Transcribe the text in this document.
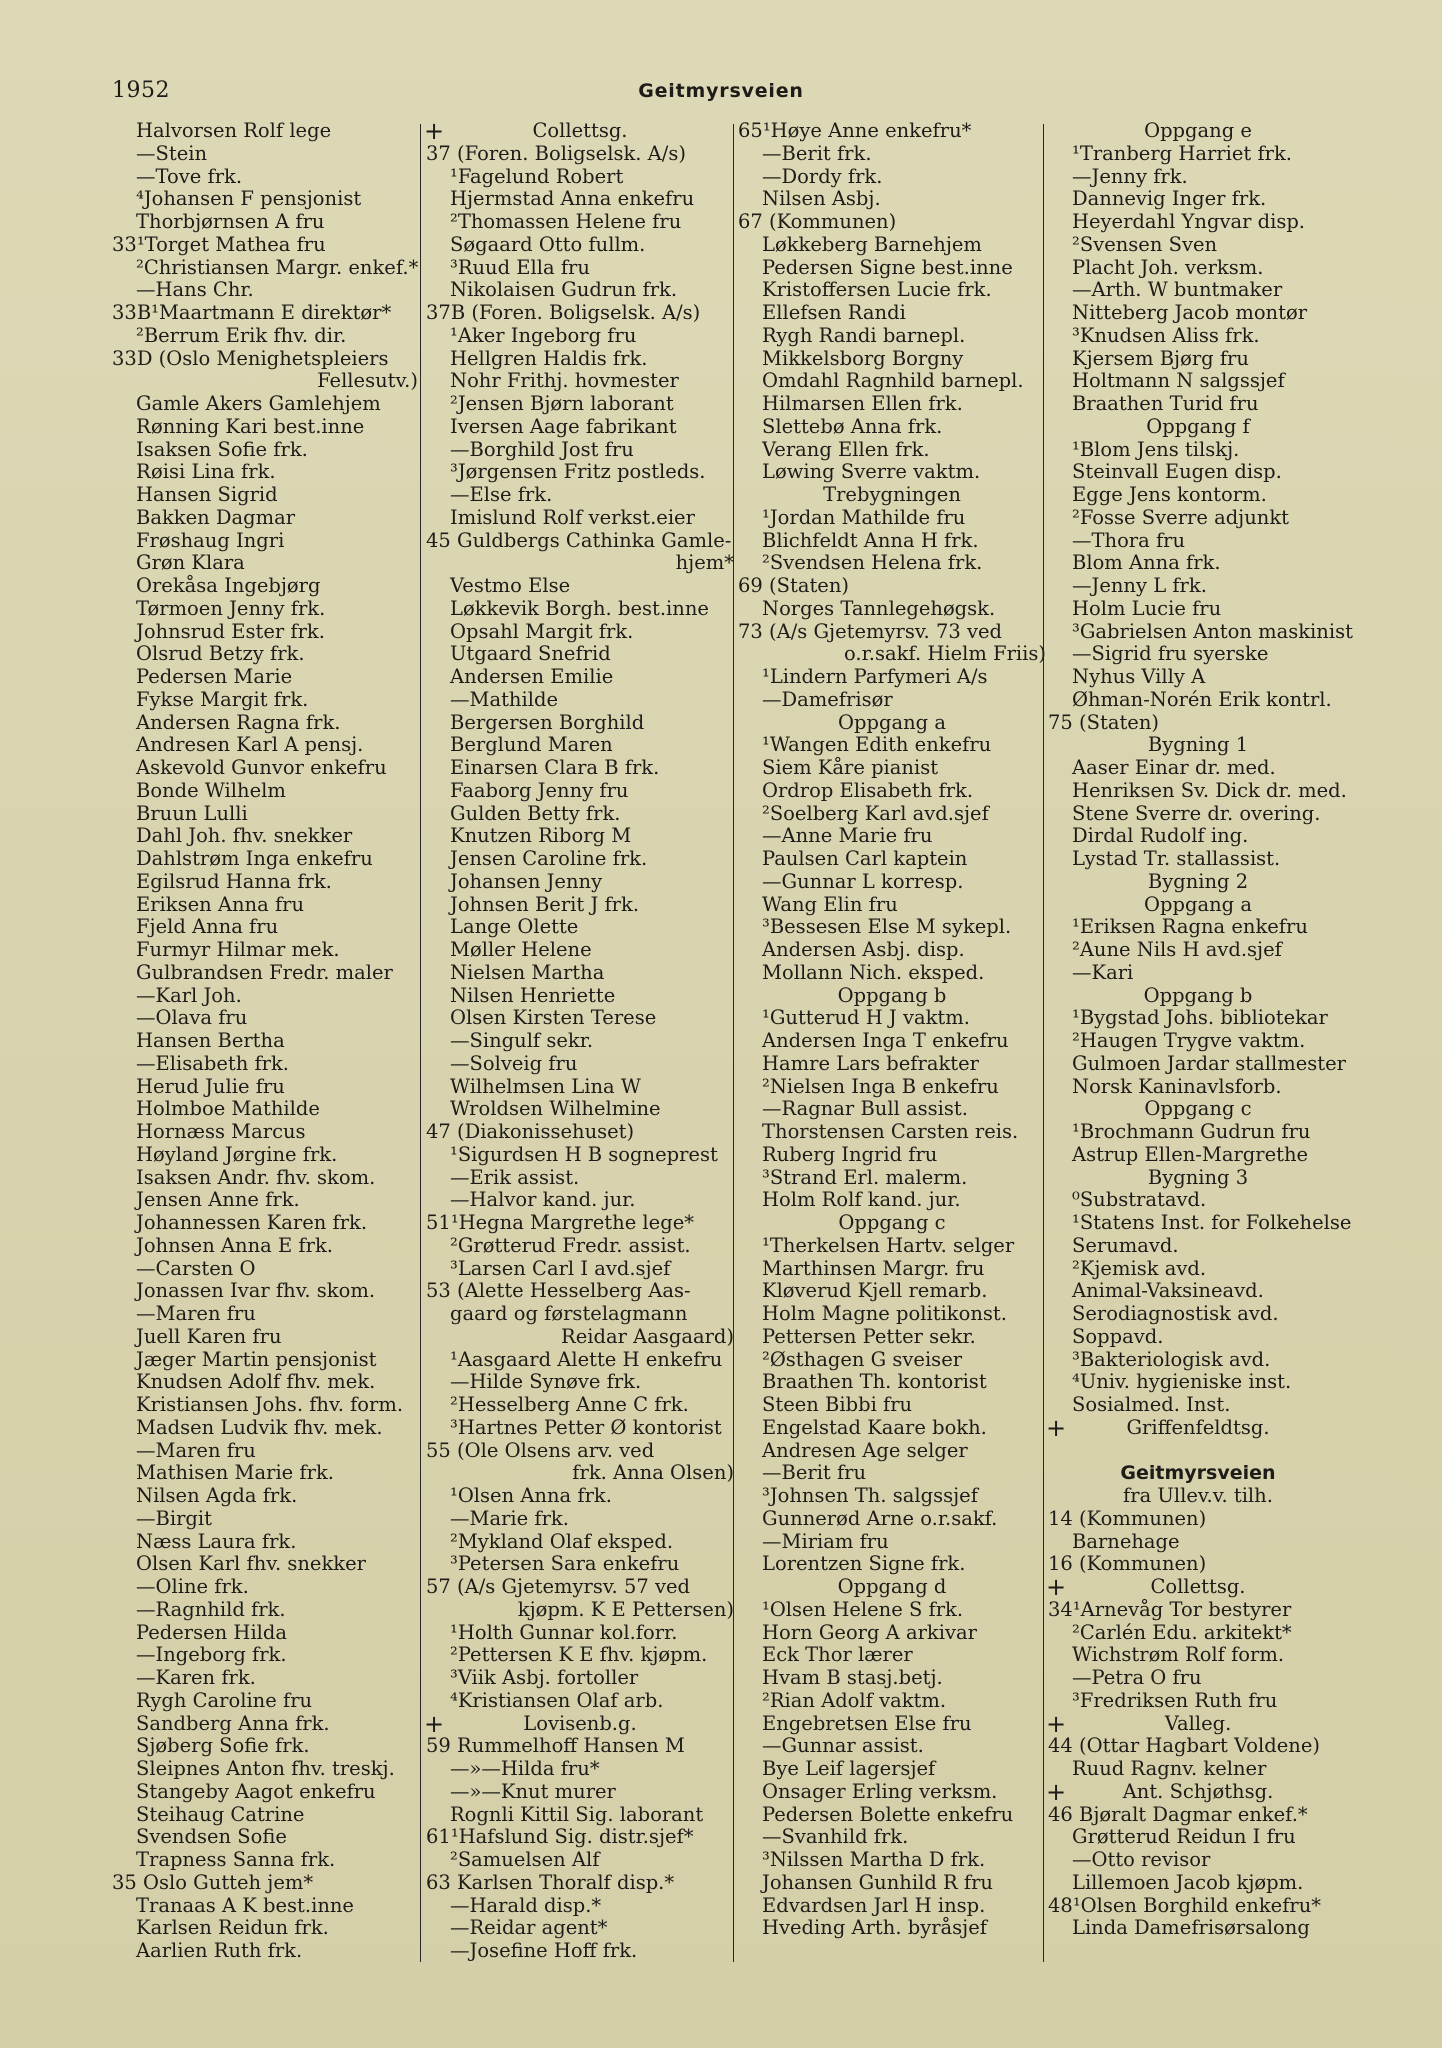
1952	Geitmyrsveien
Halvorsen Rolf lege
—Stein
—Tove frk.
⁴Johansen F pensjonist
Thorbjørnsen A fru
33¹Torget Mathea fru
²Christiansen Margr. enkef.*
—Hans Chr.
33B¹Maartmann E direktør*
²Berrum Erik fhv. dir.
33D (Oslo Menighetspleiers
Fellesutv.)
Gamle Akers Gamlehjem
Rønning Kari best.inne
Isaksen Sofie frk.
Røisi Lina frk.
Hansen Sigrid
Bakken Dagmar
Frøshaug Ingri
Grøn Klara
Orekåsa Ingebjørg
Tørmoen Jenny frk.
Johnsrud Ester frk.
Olsrud Betzy frk.
Pedersen Marie
Fykse Margit frk.
Andersen Ragna frk.
Andresen Karl A pensj.
Askevold Gunvor enkefru
Bonde Wilhelm
Bruun Lulli
Dahl Joh. fhv. snekker
Dahlstrøm Inga enkefru
Egilsrud Hanna frk.
Eriksen Anna fru
Fjeld Anna fru
Furmyr Hilmar mek.
Gulbrandsen Fredr. maler
—Karl Joh.
—Olava fru
Hansen Bertha
—Elisabeth frk.
Herud Julie fru
Holmboe Mathilde
Hornæss Marcus
Høyland Jørgine frk.
Isaksen Andr. fhv. skom.
Jensen Anne frk.
Johannessen Karen frk.
Johnsen Anna E frk.
—Carsten O
Jonassen Ivar fhv. skom.
—Maren fru
Juell Karen fru
Jæger Martin pensjonist
Knudsen Adolf fhv. mek.
Kristiansen Johs. fhv. form.
Madsen Ludvik fhv. mek.
—Maren fru
Mathisen Marie frk.
Nilsen Agda frk.
—Birgit
Næss Laura frk.
Olsen Karl fhv. snekker
—Oline frk.
—Ragnhild frk.
Pedersen Hilda
—Ingeborg frk.
—Karen frk.
Rygh Caroline fru
Sandberg Anna frk.
Sjøberg Sofie frk.
Sleipnes Anton fhv. treskj.
Stangeby Aagot enkefru
Steihaug Catrine
Svendsen Sofie
Trapness Sanna frk.
35 Oslo Gutteh jem*
Tranaas A K best.inne
Karlsen Reidun frk.
Aarlien Ruth frk.
+ Collettsg.
37 (Foren. Boligselsk. A/s)
¹Fagelund Robert
Hjermstad Anna enkefru
²Thomassen Helene fru
Søgaard Otto fullm.
³Ruud Ella fru
Nikolaisen Gudrun frk.
37B (Foren. Boligselsk. A/s)
¹Aker Ingeborg fru
Hellgren Haldis frk.
Nohr Frithj. hovmester
²Jensen Bjørn laborant
Iversen Aage fabrikant
—Borghild Jost fru
³Jørgensen Fritz postleds.
—Else frk.
Imislund Rolf verkst.eier
45 Guldbergs Cathinka Gamle-
hjem*
Vestmo Else
Løkkevik Borgh. best.inne
Opsahl Margit frk.
Utgaard Snefrid
Andersen Emilie
—Mathilde
Bergersen Borghild
Berglund Maren
Einarsen Clara B frk.
Faaborg Jenny fru
Gulden Betty frk.
Knutzen Riborg M
Jensen Caroline frk.
Johansen Jenny
Johnsen Berit J frk.
Lange Olette
Møller Helene
Nielsen Martha
Nilsen Henriette
Olsen Kirsten Terese
—Singulf sekr.
—Solveig fru
Wilhelmsen Lina W
Wroldsen Wilhelmine
47 (Diakonissehuset)
¹Sigurdsen H B sogneprest
—Erik assist.
—Halvor kand. jur.
51¹Hegna Margrethe lege*
²Grøtterud Fredr. assist.
³Larsen Carl I avd.sjef
53 (Alette Hesselberg Aas-
gaard og førstelagmann
Reidar Aasgaard)
¹Aasgaard Alette H enkefru
—Hilde Synøve frk.
²Hesselberg Anne C frk.
³Hartnes Petter Ø kontorist
55 (Ole Olsens arv. ved
frk. Anna Olsen)
¹Olsen Anna frk.
—Marie frk.
²Mykland Olaf eksped.
³Petersen Sara enkefru
57 (A/s Gjetemyrsv. 57 ved
kjøpm. K E Pettersen)
¹Holth Gunnar kol.forr.
²Pettersen K E fhv. kjøpm.
³Viik Asbj. fortoller
⁴Kristiansen Olaf arb.
+ Lovisenb.g.
59 Rummelhoff Hansen M
—»—Hilda fru*
—»—Knut murer
Rognli Kittil Sig. laborant
61¹Hafslund Sig. distr.sjef*
²Samuelsen Alf
63 Karlsen Thoralf disp.*
—Harald disp.*
—Reidar agent*
—Josefine Hoff frk.
65¹Høye Anne enkefru*
—Berit frk.
—Dordy frk.
Nilsen Asbj.
67 (Kommunen)
Løkkeberg Barnehjem
Pedersen Signe best.inne
Kristoffersen Lucie frk.
Ellefsen Randi
Rygh Randi barnepl.
Mikkelsborg Borgny
Omdahl Ragnhild barnepl.
Hilmarsen Ellen frk.
Slettebø Anna frk.
Verang Ellen frk.
Løwing Sverre vaktm.
Trebygningen
¹Jordan Mathilde fru
Blichfeldt Anna H frk.
²Svendsen Helena frk.
69 (Staten)
Norges Tannlegehøgsk.
73 (A/s Gjetemyrsv. 73 ved
o.r.sakf. Hielm Friis)
¹Lindern Parfymeri A/s
—Damefrisør
Oppgang a
¹Wangen Edith enkefru
Siem Kåre pianist
Ordrop Elisabeth frk.
²Soelberg Karl avd.sjef
—Anne Marie fru
Paulsen Carl kaptein
—Gunnar L korresp.
Wang Elin fru
³Bessesen Else M sykepl.
Andersen Asbj. disp.
Mollann Nich. eksped.
Oppgang b
¹Gutterud H J vaktm.
Andersen Inga T enkefru
Hamre Lars befrakter
²Nielsen Inga B enkefru
—Ragnar Bull assist.
Thorstensen Carsten reis.
Ruberg Ingrid fru
³Strand Erl. malerm.
Holm Rolf kand. jur.
Oppgang c
¹Therkelsen Hartv. selger
Marthinsen Margr. fru
Kløverud Kjell remarb.
Holm Magne politikonst.
Pettersen Petter sekr.
²Østhagen G sveiser
Braathen Th. kontorist
Steen Bibbi fru
Engelstad Kaare bokh.
Andresen Age selger
—Berit fru
³Johnsen Th. salgssjef
Gunnerød Arne o.r.sakf.
—Miriam fru
Lorentzen Signe frk.
Oppgang d
¹Olsen Helene S frk.
Horn Georg A arkivar
Eck Thor lærer
Hvam B stasj.betj.
²Rian Adolf vaktm.
Engebretsen Else fru
—Gunnar assist.
Bye Leif lagersjef
Onsager Erling verksm.
Pedersen Bolette enkefru
—Svanhild frk.
³Nilssen Martha D frk.
Johansen Gunhild R fru
Edvardsen Jarl H insp.
Hveding Arth. byråsjef
Oppgang e
¹Tranberg Harriet frk.
—Jenny frk.
Dannevig Inger frk.
Heyerdahl Yngvar disp.
²Svensen Sven
Placht Joh. verksm.
—Arth. W buntmaker
Nitteberg Jacob montør
³Knudsen Aliss frk.
Kjersem Bjørg fru
Holtmann N salgssjef
Braathen Turid fru
Oppgang f
¹Blom Jens tilskj.
Steinvall Eugen disp.
Egge Jens kontorm.
²Fosse Sverre adjunkt
—Thora fru
Blom Anna frk.
—Jenny L frk.
Holm Lucie fru
³Gabrielsen Anton maskinist
—Sigrid fru syerske
Nyhus Villy A
Øhman-Norén Erik kontrl.
75 (Staten)
Bygning 1
Aaser Einar dr. med.
Henriksen Sv. Dick dr. med.
Stene Sverre dr. overing.
Dirdal Rudolf ing.
Lystad Tr. stallassist.
Bygning 2
Oppgang a
¹Eriksen Ragna enkefru
²Aune Nils H avd.sjef
—Kari
Oppgang b
¹Bygstad Johs. bibliotekar
²Haugen Trygve vaktm.
Gulmoen Jardar stallmester
Norsk Kaninavlsforb.
Oppgang c
¹Brochmann Gudrun fru
Astrup Ellen-Margrethe
Bygning 3
⁰Substratavd.
¹Statens Inst. for Folkehelse
Serumavd.
²Kjemisk avd.
Animal-Vaksineavd.
Serodiagnostisk avd.
Soppavd.
³Bakteriologisk avd.
⁴Univ. hygieniske inst.
Sosialmed. Inst.
+ Griffenfeldtsg.
Geitmyrsveien
fra Ullev.v. tilh.
14 (Kommunen)
Barnehage
16 (Kommunen)
+ Collettsg.
34¹Arnevåg Tor bestyrer
²Carlén Edu. arkitekt*
Wichstrøm Rolf form.
—Petra O fru
³Fredriksen Ruth fru
+ Valleg.
44 (Ottar Hagbart Voldene)
Ruud Ragnv. kelner
+ Ant. Schjøthsg.
46 Bjøralt Dagmar enkef.*
Grøtterud Reidun I fru
—Otto revisor
Lillemoen Jacob kjøpm.
48¹Olsen Borghild enkefru*
Linda Damefrisørsalong
